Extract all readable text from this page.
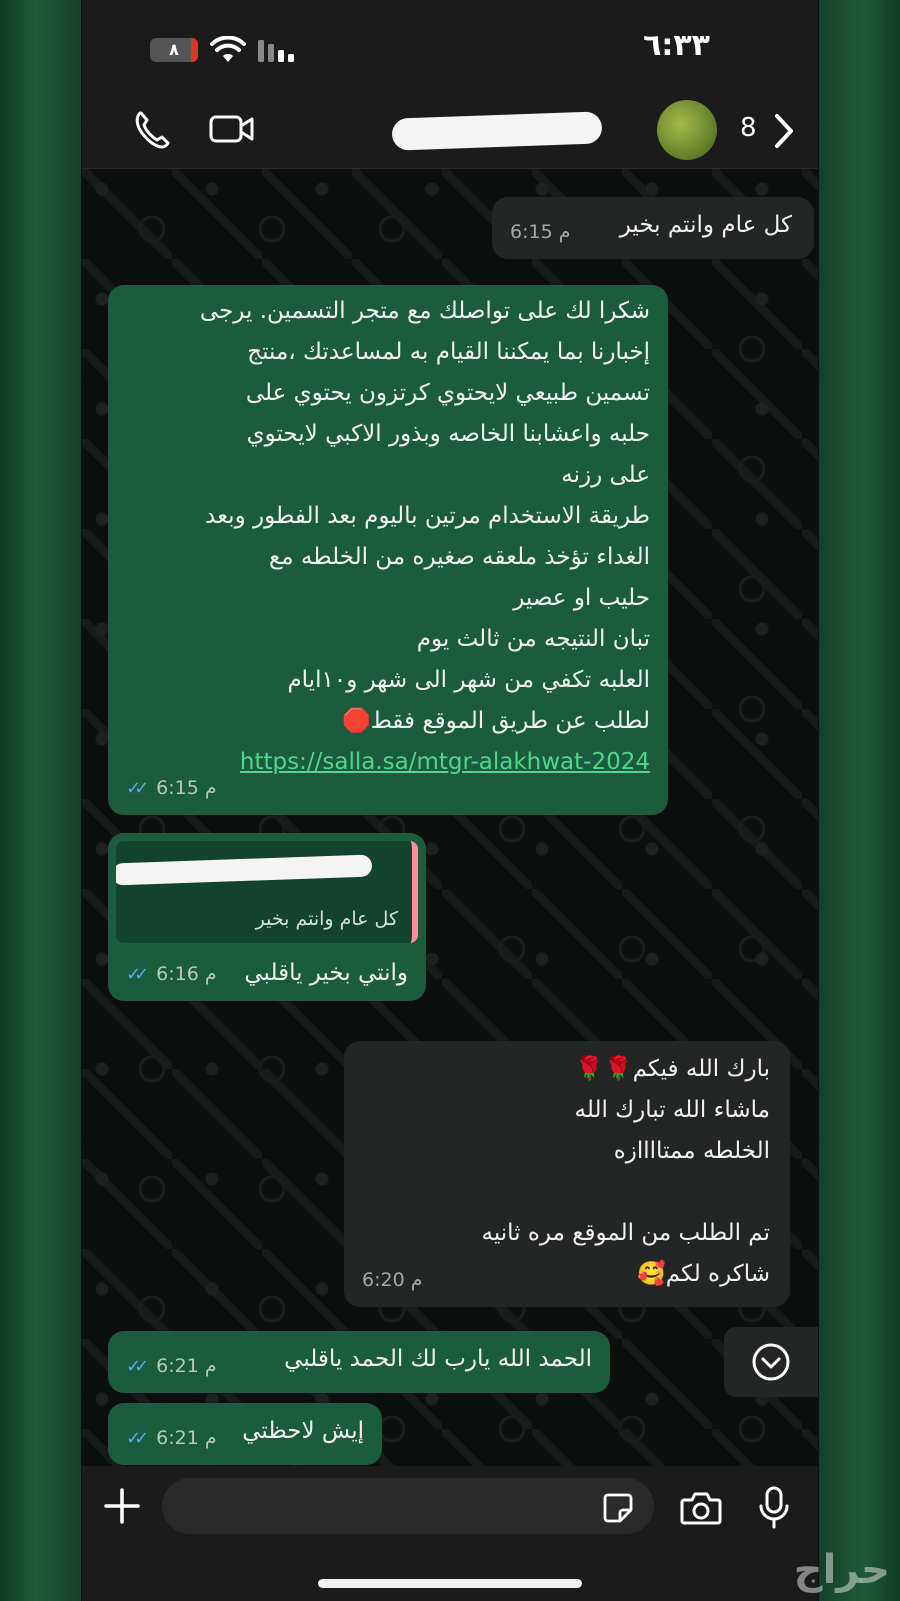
٨	٦:٣٣
+96	8
كل عام وانتم بخير
6:15 م
شكرا لك على تواصلك مع متجر التسمين. يرجى
إخبارنا بما يمكننا القيام به لمساعدتك ،منتج
تسمين طبيعي لايحتوي كرتزون يحتوي على
حلبه واعشابنا الخاصه وبذور الاكبي لايحتوي
على رزنه
طريقة الاستخدام مرتين باليوم بعد الفطور وبعد
الغداء تؤخذ ملعقه صغيره من الخلطه مع
حليب او عصير
تبان النتيجه من ثالث يوم
العلبه تكفي من شهر الى شهر و١٠ايام
لطلب عن طريق الموقع فقط🛑
https://salla.sa/mtgr-alakhwat-2024
✓✓ 6:15 م
+96
كل عام وانتم بخير
وانتي بخير ياقلبي
✓✓ 6:16 م
بارك الله فيكم🌹🌹
ماشاء الله تبارك الله
الخلطه ممتاااازه

تم الطلب من الموقع مره ثانيه
شاكره لكم🥰
6:20 م
الحمد الله يارب لك الحمد ياقلبي
✓✓ 6:21 م
إيش لاحظتي
✓✓ 6:21 م
حراج
